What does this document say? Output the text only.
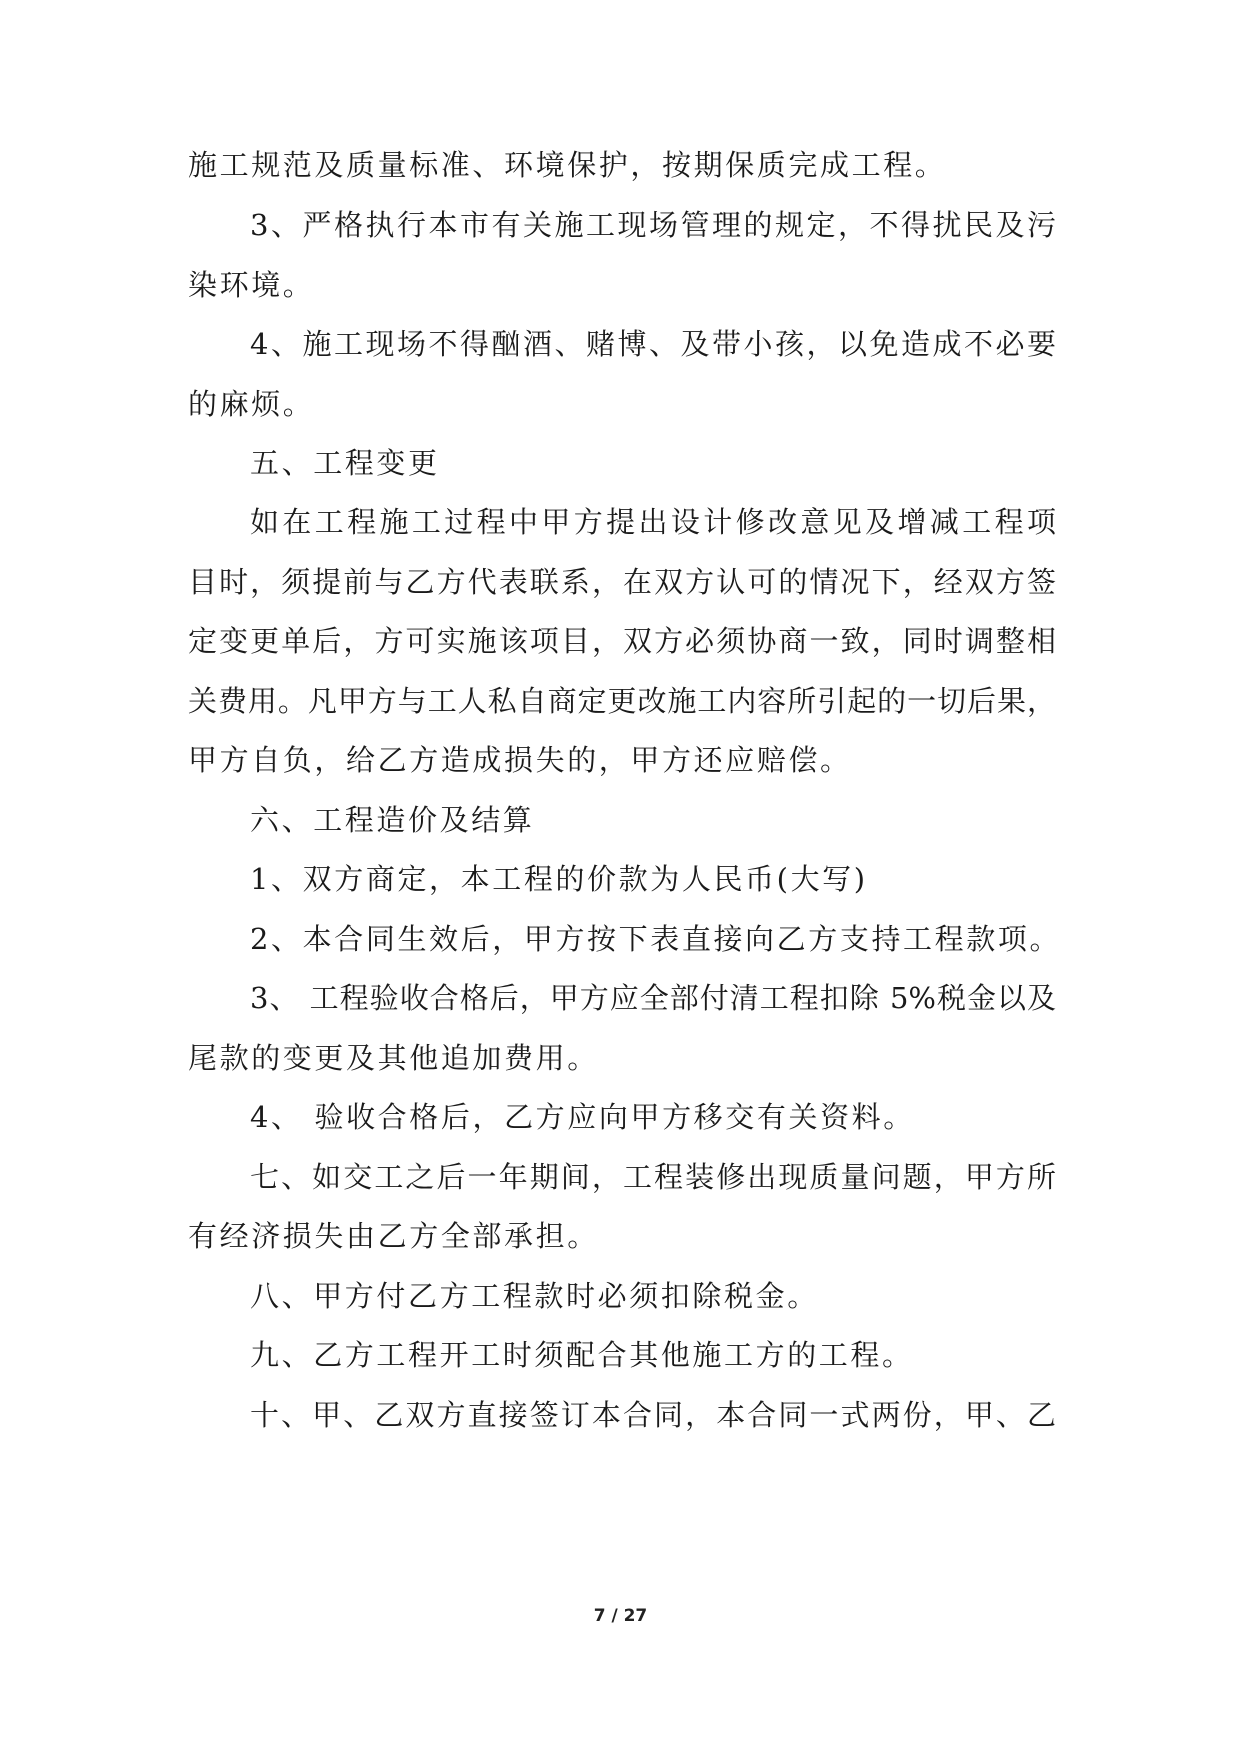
施工规范及质量标准、环境保护，按期保质完成工程。
3、严格执行本市有关施工现场管理的规定，不得扰民及污
染环境。
4、施工现场不得酗酒、赌博、及带小孩，以免造成不必要
的麻烦。
五、工程变更
如在工程施工过程中甲方提出设计修改意见及增减工程项
目时，须提前与乙方代表联系，在双方认可的情况下，经双方签
定变更单后，方可实施该项目，双方必须协商一致，同时调整相
关费用。凡甲方与工人私自商定更改施工内容所引起的一切后果，
甲方自负，给乙方造成损失的，甲方还应赔偿。
六、工程造价及结算
1、双方商定，本工程的价款为人民币(大写)
2、本合同生效后，甲方按下表直接向乙方支持工程款项。
3、 工程验收合格后，甲方应全部付清工程扣除 5%税金以及
尾款的变更及其他追加费用。
4、 验收合格后，乙方应向甲方移交有关资料。
七、如交工之后一年期间，工程装修出现质量问题，甲方所
有经济损失由乙方全部承担。
八、甲方付乙方工程款时必须扣除税金。
九、乙方工程开工时须配合其他施工方的工程。
十、甲、乙双方直接签订本合同，本合同一式两份，甲、乙
7 / 27
